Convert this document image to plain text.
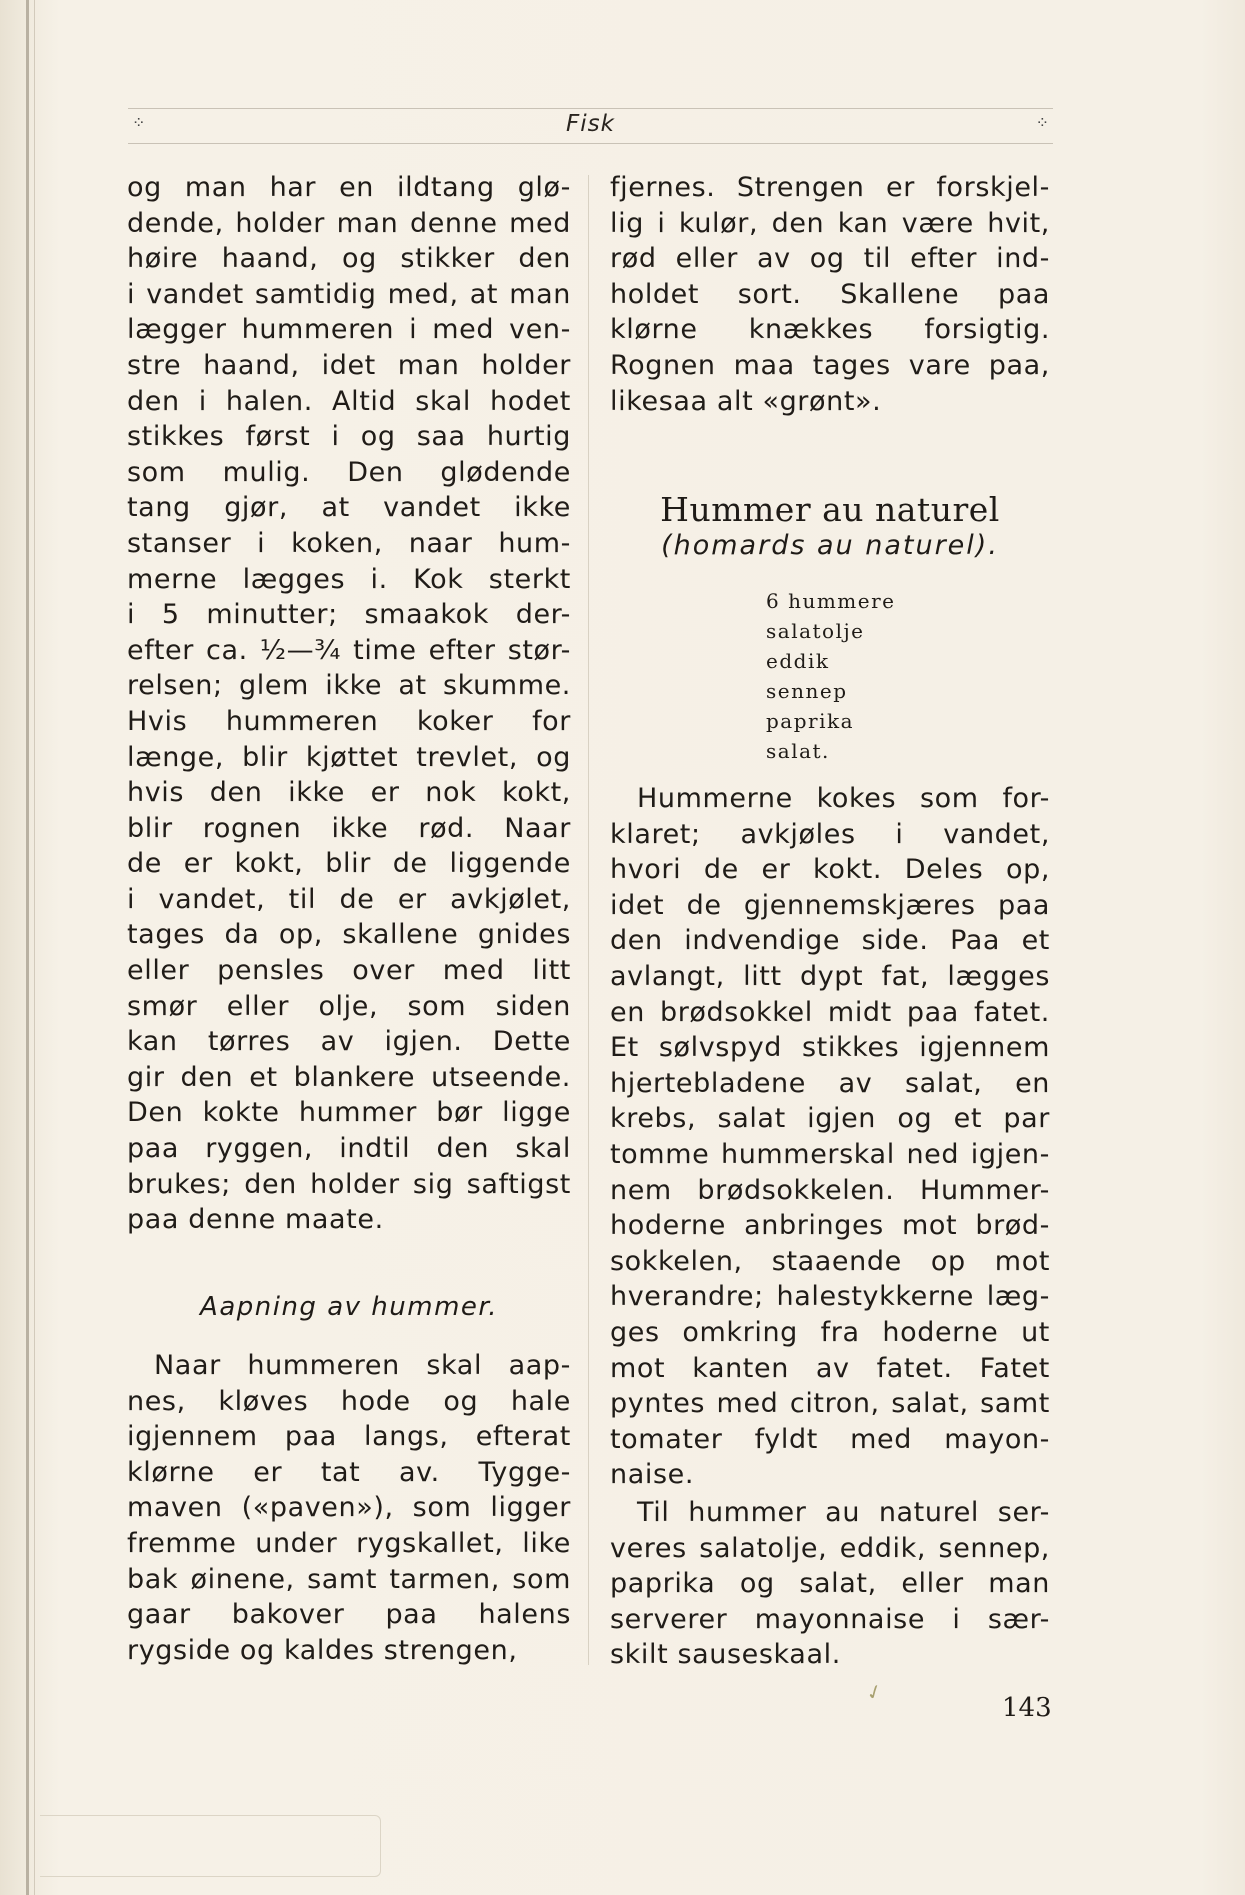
⁘	Fisk	⁘
og man har en ildtang glø-
dende, holder man denne med
høire haand, og stikker den
i vandet samtidig med, at man
lægger hummeren i med ven-
stre haand, idet man holder
den i halen. Altid skal hodet
stikkes først i og saa hurtig
som mulig. Den glødende
tang gjør, at vandet ikke
stanser i koken, naar hum-
merne lægges i. Kok sterkt
i 5 minutter; smaakok der-
efter ca. ½—¾ time efter stør-
relsen; glem ikke at skumme.
Hvis hummeren koker for
længe, blir kjøttet trevlet, og
hvis den ikke er nok kokt,
blir rognen ikke rød. Naar
de er kokt, blir de liggende
i vandet, til de er avkjølet,
tages da op, skallene gnides
eller pensles over med litt
smør eller olje, som siden
kan tørres av igjen. Dette
gir den et blankere utseende.
Den kokte hummer bør ligge
paa ryggen, indtil den skal
brukes; den holder sig saftigst
paa denne maate.
Aapning av hummer.
Naar hummeren skal aap-
nes, kløves hode og hale
igjennem paa langs, efterat
klørne er tat av. Tygge-
maven («paven»), som ligger
fremme under rygskallet, like
bak øinene, samt tarmen, som
gaar bakover paa halens
rygside og kaldes strengen,
fjernes. Strengen er forskjel-
lig i kulør, den kan være hvit,
rød eller av og til efter ind-
holdet sort. Skallene paa
klørne knækkes forsigtig.
Rognen maa tages vare paa,
likesaa alt «grønt».
Hummer au naturel
(homards au naturel).
6 hummere
salatolje
eddik
sennep
paprika
salat.
Hummerne kokes som for-
klaret; avkjøles i vandet,
hvori de er kokt. Deles op,
idet de gjennemskjæres paa
den indvendige side. Paa et
avlangt, litt dypt fat, lægges
en brødsokkel midt paa fatet.
Et sølvspyd stikkes igjennem
hjertebladene av salat, en
krebs, salat igjen og et par
tomme hummerskal ned igjen-
nem brødsokkelen. Hummer-
hoderne anbringes mot brød-
sokkelen, staaende op mot
hverandre; halestykkerne læg-
ges omkring fra hoderne ut
mot kanten av fatet. Fatet
pyntes med citron, salat, samt
tomater fyldt med mayon-
naise.
Til hummer au naturel ser-
veres salatolje, eddik, sennep,
paprika og salat, eller man
serverer mayonnaise i sær-
skilt sauseskaal.
✓
143
